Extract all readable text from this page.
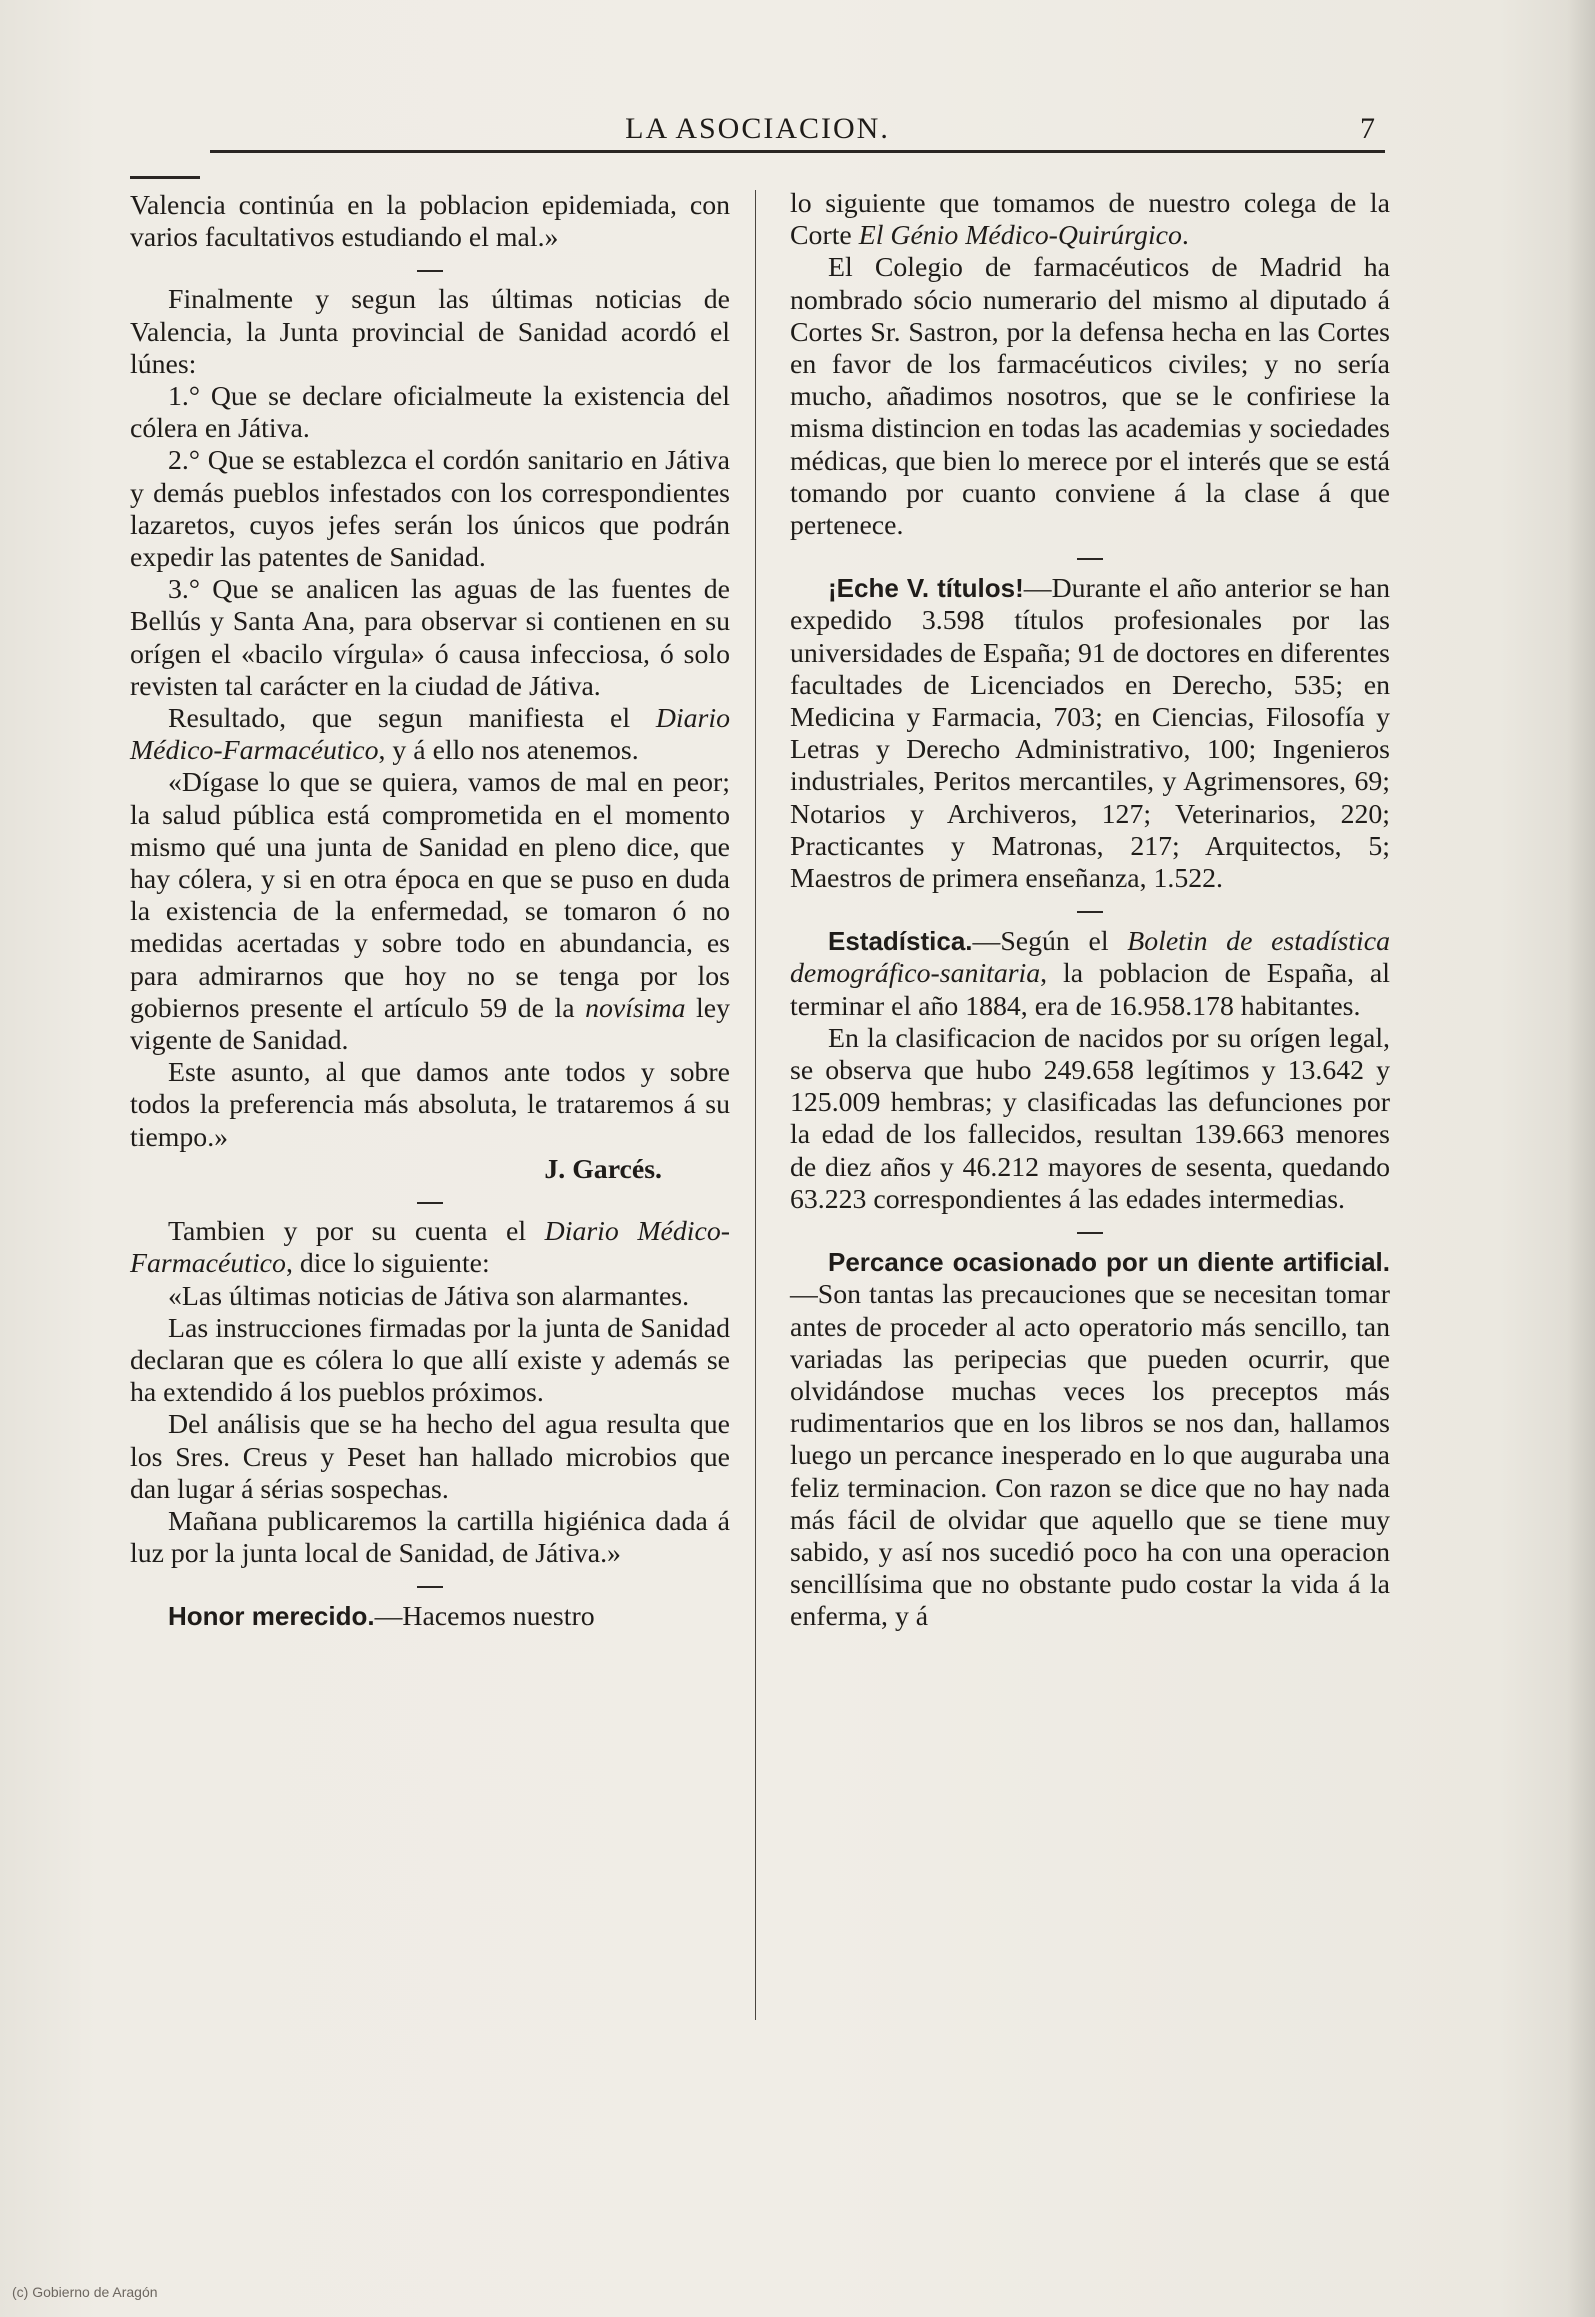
LA ASOCIACION.	7

Valencia continúa en la poblacion epidemiada, con varios facultativos estudiando el mal.»

Finalmente y segun las últimas noticias de Valencia, la Junta provincial de Sanidad acordó el lúnes:

1.° Que se declare oficialmeute la existencia del cólera en Játiva.

2.° Que se establezca el cordón sanitario en Játiva y demás pueblos infestados con los correspondientes lazaretos, cuyos jefes serán los únicos que podrán expedir las patentes de Sanidad.

3.° Que se analicen las aguas de las fuentes de Bellús y Santa Ana, para observar si contienen en su orígen el «bacilo vírgula» ó causa infecciosa, ó solo revisten tal carácter en la ciudad de Játiva.

Resultado, que segun manifiesta el Diario Médico-Farmacéutico, y á ello nos atenemos.

«Dígase lo que se quiera, vamos de mal en peor; la salud pública está comprometida en el momento mismo qué una junta de Sanidad en pleno dice, que hay cólera, y si en otra época en que se puso en duda la existencia de la enfermedad, se tomaron ó no medidas acertadas y sobre todo en abundancia, es para admirarnos que hoy no se tenga por los gobiernos presente el artículo 59 de la novísima ley vigente de Sanidad.

Este asunto, al que damos ante todos y sobre todos la preferencia más absoluta, le trataremos á su tiempo.»

J. Garcés.

Tambien y por su cuenta el Diario Médico-Farmacéutico, dice lo siguiente:

«Las últimas noticias de Játiva son alarmantes.

Las instrucciones firmadas por la junta de Sanidad declaran que es cólera lo que allí existe y además se ha extendido á los pueblos próximos.

Del análisis que se ha hecho del agua resulta que los Sres. Creus y Peset han hallado microbios que dan lugar á sérias sospechas.

Mañana publicaremos la cartilla higiénica dada á luz por la junta local de Sanidad, de Játiva.»

Honor merecido.—Hacemos nuestro

lo siguiente que tomamos de nuestro colega de la Corte El Génio Médico-Quirúrgico.

El Colegio de farmacéuticos de Madrid ha nombrado sócio numerario del mismo al diputado á Cortes Sr. Sastron, por la defensa hecha en las Cortes en favor de los farmacéuticos civiles; y no sería mucho, añadimos nosotros, que se le confiriese la misma distincion en todas las academias y sociedades médicas, que bien lo merece por el interés que se está tomando por cuanto conviene á la clase á que pertenece.

¡Eche V. títulos!—Durante el año anterior se han expedido 3.598 títulos profesionales por las universidades de España; 91 de doctores en diferentes facultades de Licenciados en Derecho, 535; en Medicina y Farmacia, 703; en Ciencias, Filosofía y Letras y Derecho Administrativo, 100; Ingenieros industriales, Peritos mercantiles, y Agrimensores, 69; Notarios y Archiveros, 127; Veterinarios, 220; Practicantes y Matronas, 217; Arquitectos, 5; Maestros de primera enseñanza, 1.522.

Estadística.—Según el Boletin de estadística demográfico-sanitaria, la poblacion de España, al terminar el año 1884, era de 16.958.178 habitantes.

En la clasificacion de nacidos por su orígen legal, se observa que hubo 249.658 legítimos y 13.642 y 125.009 hembras; y clasificadas las defunciones por la edad de los fallecidos, resultan 139.663 menores de diez años y 46.212 mayores de sesenta, quedando 63.223 correspondientes á las edades intermedias.

Percance ocasionado por un diente artificial.—Son tantas las precauciones que se necesitan tomar antes de proceder al acto operatorio más sencillo, tan variadas las peripecias que pueden ocurrir, que olvidándose muchas veces los preceptos más rudimentarios que en los libros se nos dan, hallamos luego un percance inesperado en lo que auguraba una feliz terminacion. Con razon se dice que no hay nada más fácil de olvidar que aquello que se tiene muy sabido, y así nos sucedió poco ha con una operacion sencillísima que no obstante pudo costar la vida á la enferma, y á

(c) Gobierno de Aragón
